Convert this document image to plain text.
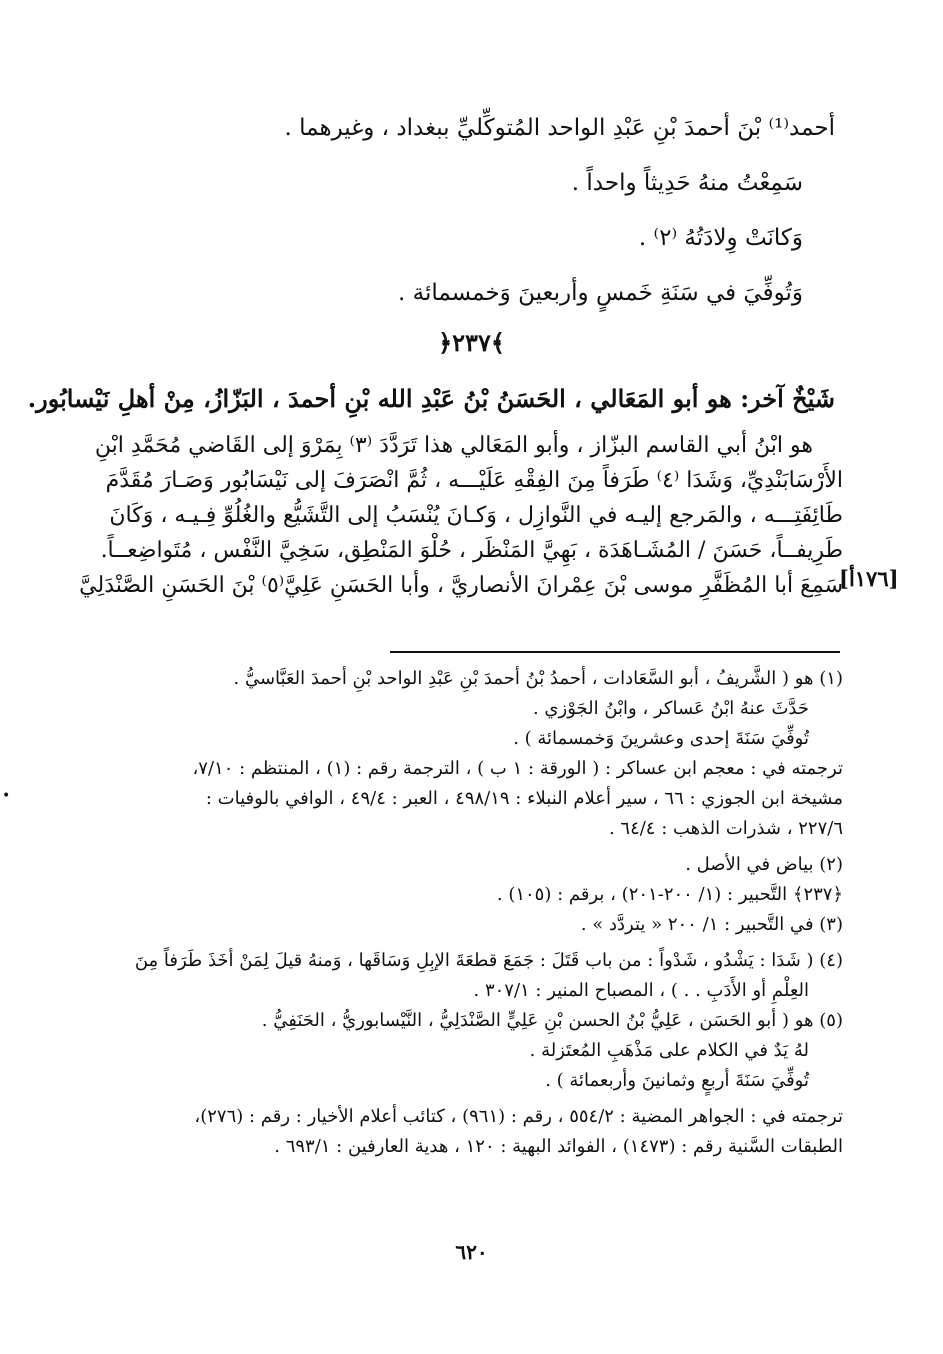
أحمد⁽¹⁾ بْنَ أحمدَ بْنِ عَبْدِ الواحد المُتوكِّليِّ ببغداد ، وغيرهما .
سَمِعْتُ منهُ حَدِيثاً واحداً .
وَكانَتْ وِلادَتُهُ ⁽٢⁾ .
وَتُوفِّيَ في سَنَةِ خَمسٍ وأربعينَ وَخمسمائة .
﴿٢٣٧﴾
شَيْخٌ آخر: هو أبو المَعَالي ، الحَسَنُ بْنُ عَبْدِ الله بْنِ أحمدَ ، البَزّازُ، مِنْ أهلِ نَيْسابُور.

هو ابْنُ أبي القاسم البزّاز ، وأبو المَعَالي هذا تَرَدَّدَ ⁽٣⁾ بِمَرْوَ إلى القَاضي مُحَمَّدِ ابْنِ

الأَرْسَابَنْدِيِّ، وَشَدَا ⁽٤⁾ طَرَفاً مِنَ الفِقْهِ عَلَيْـــه ، ثُمَّ انْصَرَفَ إلى نَيْسَابُور وَصَـارَ مُقَدَّمَ

طَائِفَتِـــه ، والمَرجع إليـه في النَّوازِل ، وَكـانَ يُنْسَبُ إلى التَّشَيُّع والغُلُوِّ فِـيـه ، وَكَانَ

طَرِيفــاً، حَسَنَ / المُشَـاهَدَة ، بَهِيَّ المَنْظَر ، حُلْوَ المَنْطِق، سَخِيَّ النَّفْس ، مُتَواضِعــاً.

سَمِعَ أبا المُظَفَّرِ موسى بْنَ عِمْرانَ الأنصاريَّ ، وأبا الحَسَنِ عَلِيَّ⁽٥⁾ بْنَ الحَسَنِ الصَّنْدَلِيَّ

[١٧٦أ]

(١) هو ( الشَّريفُ ، أبو السَّعَادات ، أحمدُ بْنُ أحمدَ بْنِ عَبْدِ الواحد بْنِ أحمدَ العَبَّاسيُّ .

حَدَّثَ عنهُ ابْنُ عَساكر ، وابْنُ الجَوْزي .

تُوفِّيَ سَنَةَ إحدى وعشرينَ وَخمسمائة ) .

ترجمته في : معجم ابن عساكر : ( الورقة : ١ ب ) ، الترجمة رقم : (١) ، المنتظم : ٧/١٠،

مشيخة ابن الجوزي : ٦٦ ، سير أعلام النبلاء : ٤٩٨/١٩ ، العبر : ٤٩/٤ ، الوافي بالوفيات :

٢٢٧/٦ ، شذرات الذهب : ٦٤/٤ .

(٢) بياض في الأصل .

﴿٢٣٧﴾ التَّحبير : (١/ ٢٠٠-٢٠١) ، برقم : (١٠٥) .

(٣) في التَّحبير : ١/ ٢٠٠ « يتردَّد » .

(٤) ( شَدَا : يَشْدُو ، شَدْواً : من باب قَتَلَ : جَمَعَ قطعَةَ الإبِلِ وَسَاقَها ، وَمنهُ قيلَ لِمَنْ أخَذَ طَرَفاً مِنَ

العِلْمِ أو الأَدَبِ . . ) ، المصباح المنير : ٣٠٧/١ .

(٥) هو ( أبو الحَسَن ، عَلِيُّ بْنُ الحسن بْنِ عَلِيٍّ الصَّنْدَلِيُّ ، النَّيْسابوريُّ ، الحَنَفِيُّ .

لهُ يَدٌ في الكلام على مَذْهَبِ المُعتَزلة .

تُوفِّيَ سَنَةَ أربعٍ وثمانينَ وأربعمائة ) .

ترجمته في : الجواهر المضية : ٥٥٤/٢ ، رقم : (٩٦١) ، كتائب أعلام الأخيار : رقم : (٢٧٦)،

الطبقات السَّنية رقم : (١٤٧٣) ، الفوائد البهية : ١٢٠ ، هدية العارفين : ٦٩٣/١ .

٦٢٠
•
